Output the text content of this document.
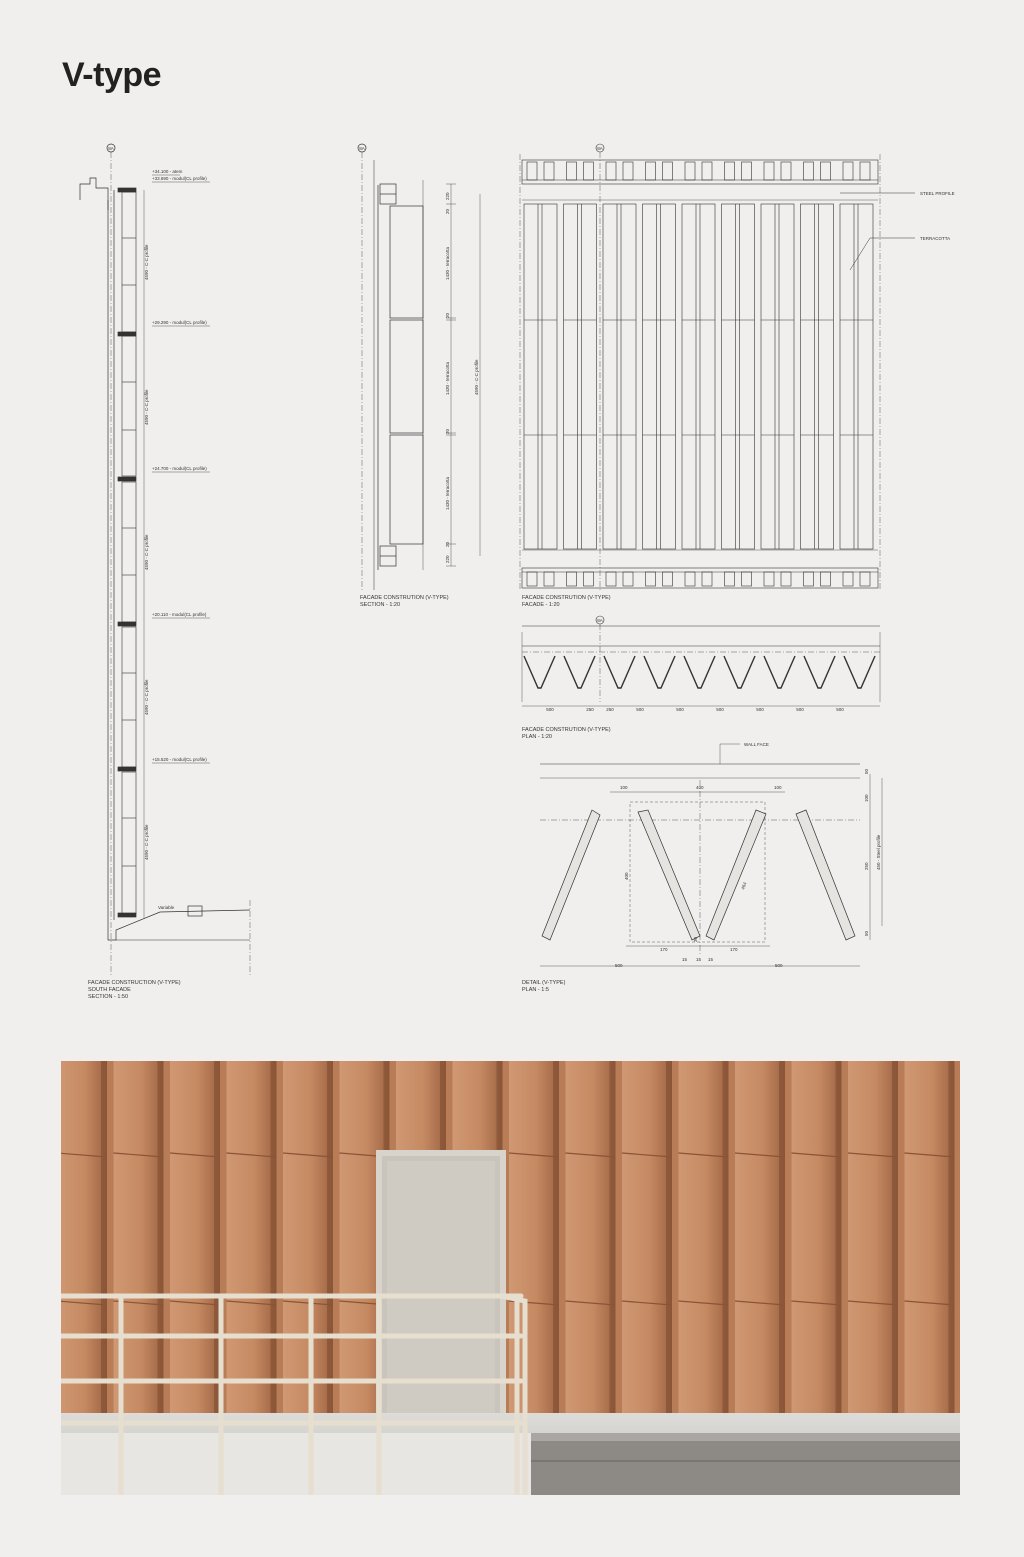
V-type
8A
+34.100 - atem
+33.690 - modul(CL profile)
+29.290 - modul(CL profile)
+24.700 - modul(CL profile)
+20.110 - modul(CL profile)
+15.520 - modul(CL profile)
4590 - C-C profile
4590 - C-C profile
4590 - C-C profile
4590 - C-C profile
4590 - C-C profile
Variable
FACADE CONSTRUCTION (V-TYPE)
SOUTH FACADE
SECTION - 1:50
8A
220
20
1430 - terracotta
20
1430 - terracotta
20
1430 - terracotta
20
220
4590 - C-C profile
FACADE CONSTRUTION (V-TYPE)
SECTION - 1:20
8A
STEEL PROFILE
TERRACOTTA
FACADE CONSTRUTION (V-TYPE)
FACADE - 1:20
8A
500	250	250	500	500	500	500	500	500
FACADE CONSTRUTION (V-TYPE)
PLAN - 1:20
WALL FACE
100	400	100
50
100
250
50
450 - Steel profile
400
464
170
30
15 15 15
170
500	500
DETAIL (V-TYPE)
PLAN - 1:5
